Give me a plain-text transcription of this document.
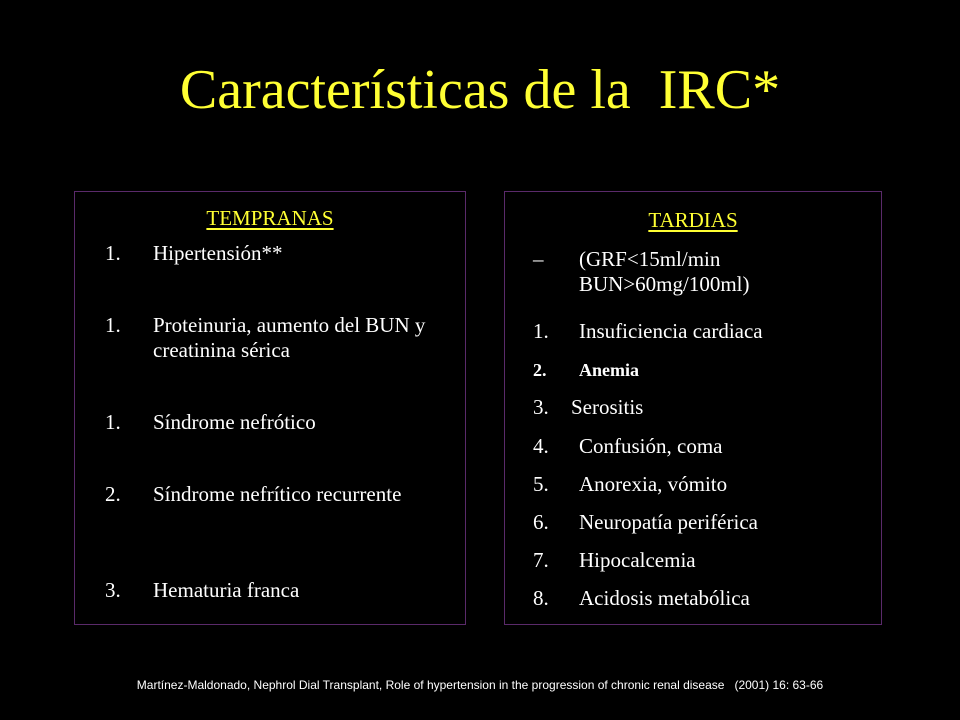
Características de la  IRC*
TEMPRANAS
1. Hipertensión**
1. Proteinuria, aumento del BUN y creatinina sérica
1. Síndrome nefrótico
2. Síndrome nefrítico recurrente
3. Hematuria franca
TARDIAS
– (GRF<15ml/min BUN>60mg/100ml)
1. Insuficiencia cardiaca
2. Anemia
3. Serositis
4. Confusión, coma
5. Anorexia, vómito
6. Neuropatía periférica
7. Hipocalcemia
8. Acidosis metabólica
Martínez-Maldonado, Nephrol Dial Transplant, Role of hypertension in the progression of chronic renal disease   (2001) 16: 63-66
